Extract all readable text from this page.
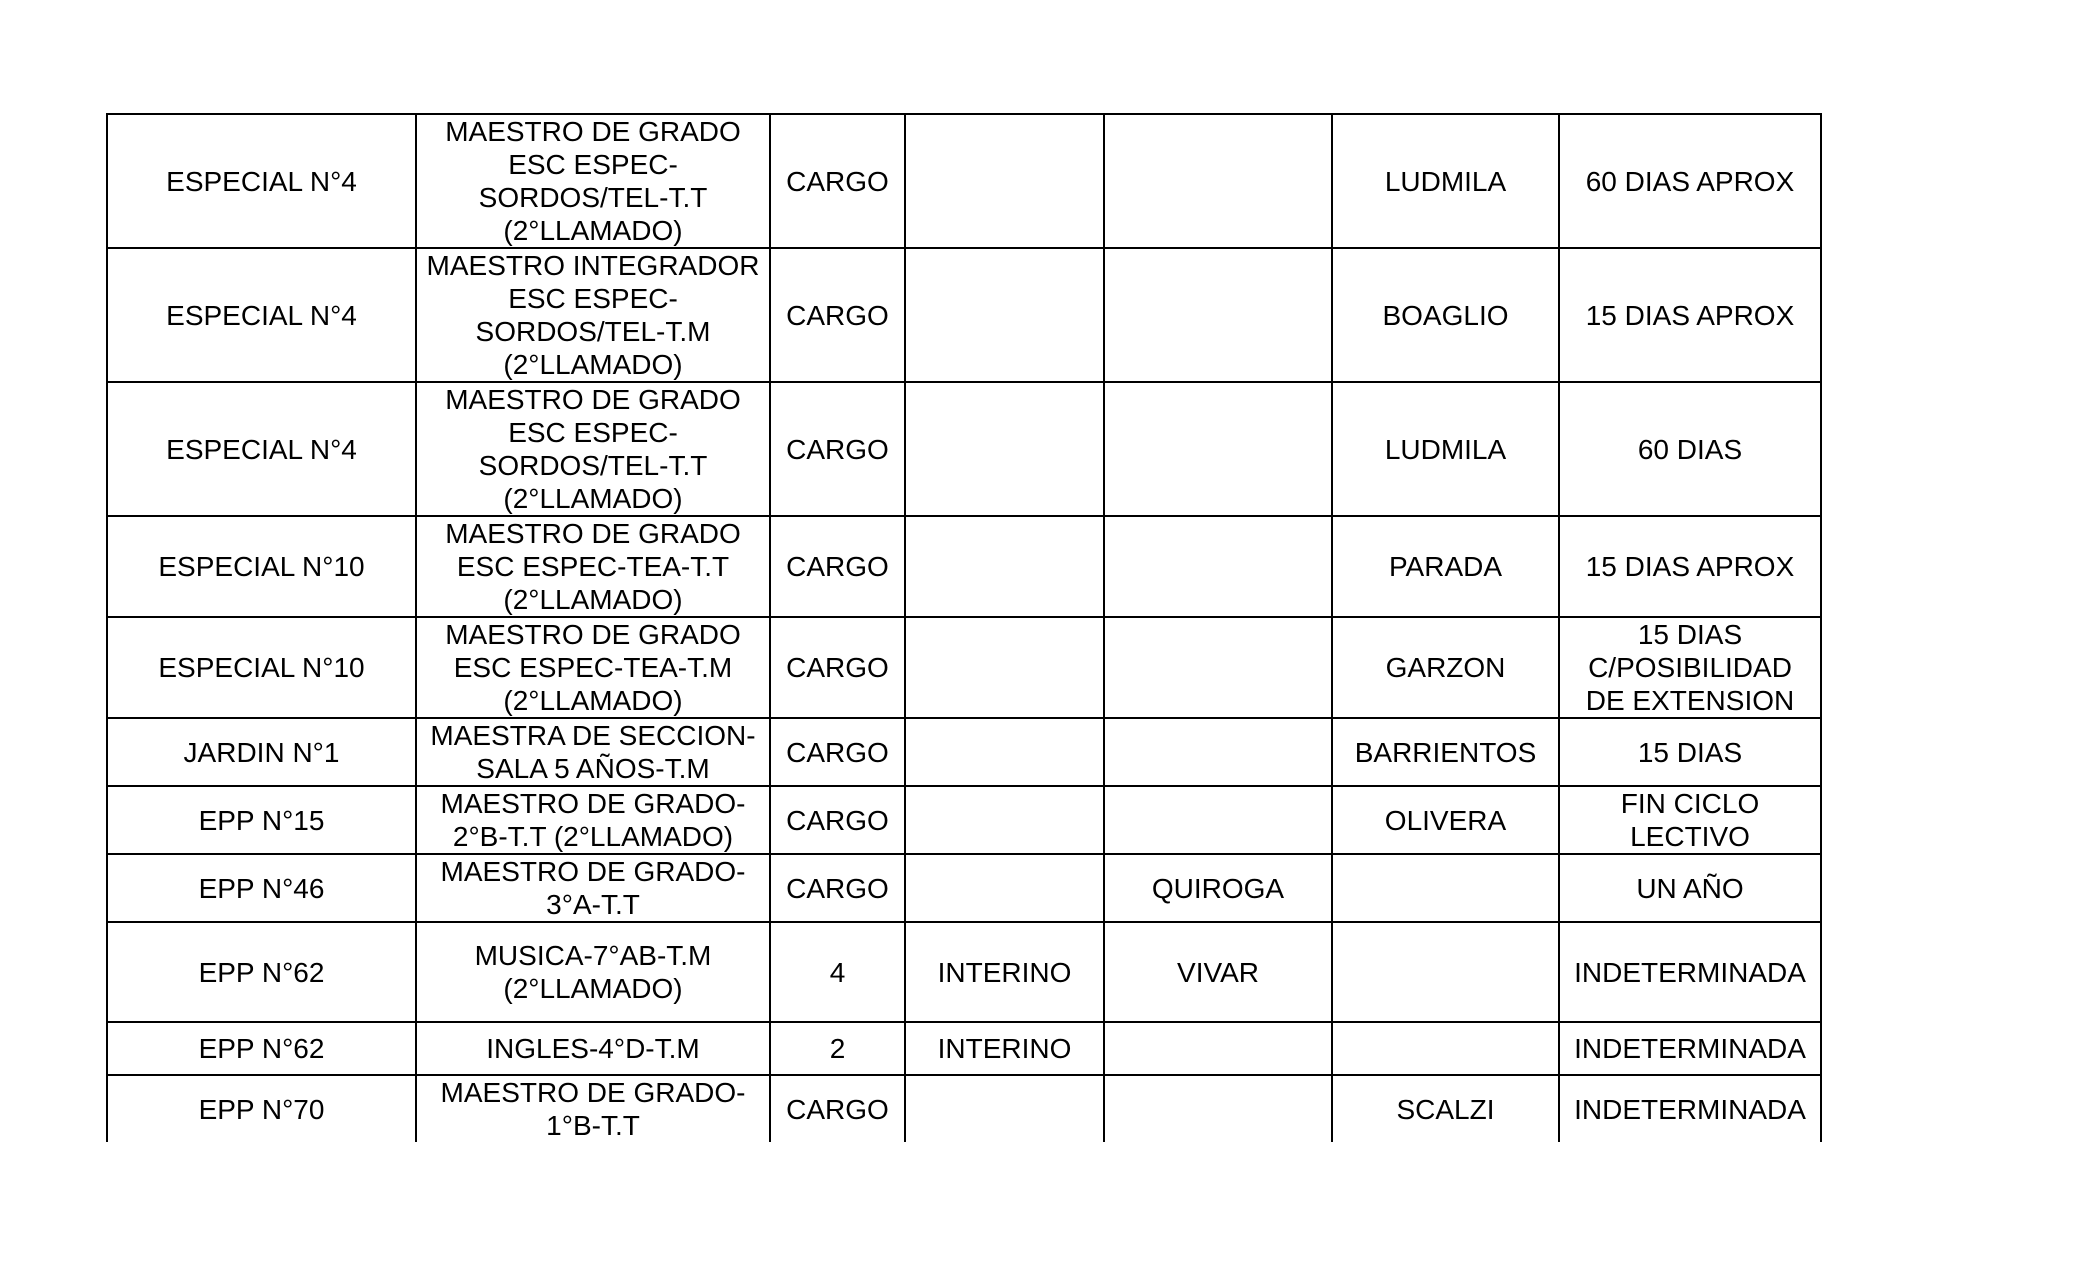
ESPECIAL N°4	MAESTRO DE GRADO ESC ESPEC-SORDOS/TEL-T.T (2°LLAMADO)	CARGO			LUDMILA	60 DIAS APROX
ESPECIAL N°4	MAESTRO INTEGRADOR ESC ESPEC-SORDOS/TEL-T.M (2°LLAMADO)	CARGO			BOAGLIO	15 DIAS APROX
ESPECIAL N°4	MAESTRO DE GRADO ESC ESPEC-SORDOS/TEL-T.T (2°LLAMADO)	CARGO			LUDMILA	60 DIAS
ESPECIAL N°10	MAESTRO DE GRADO ESC ESPEC-TEA-T.T (2°LLAMADO)	CARGO			PARADA	15 DIAS APROX
ESPECIAL N°10	MAESTRO DE GRADO ESC ESPEC-TEA-T.M (2°LLAMADO)	CARGO			GARZON	15 DIAS C/POSIBILIDAD DE EXTENSION
JARDIN N°1	MAESTRA DE SECCION-SALA 5 AÑOS-T.M	CARGO			BARRIENTOS	15 DIAS
EPP N°15	MAESTRO DE GRADO-2°B-T.T (2°LLAMADO)	CARGO			OLIVERA	FIN CICLO LECTIVO
EPP N°46	MAESTRO DE GRADO-3°A-T.T	CARGO		QUIROGA		UN AÑO
EPP N°62	MUSICA-7°AB-T.M (2°LLAMADO)	4	INTERINO	VIVAR		INDETERMINADA
EPP N°62	INGLES-4°D-T.M	2	INTERINO			INDETERMINADA
EPP N°70	MAESTRO DE GRADO-1°B-T.T	CARGO			SCALZI	INDETERMINADA
